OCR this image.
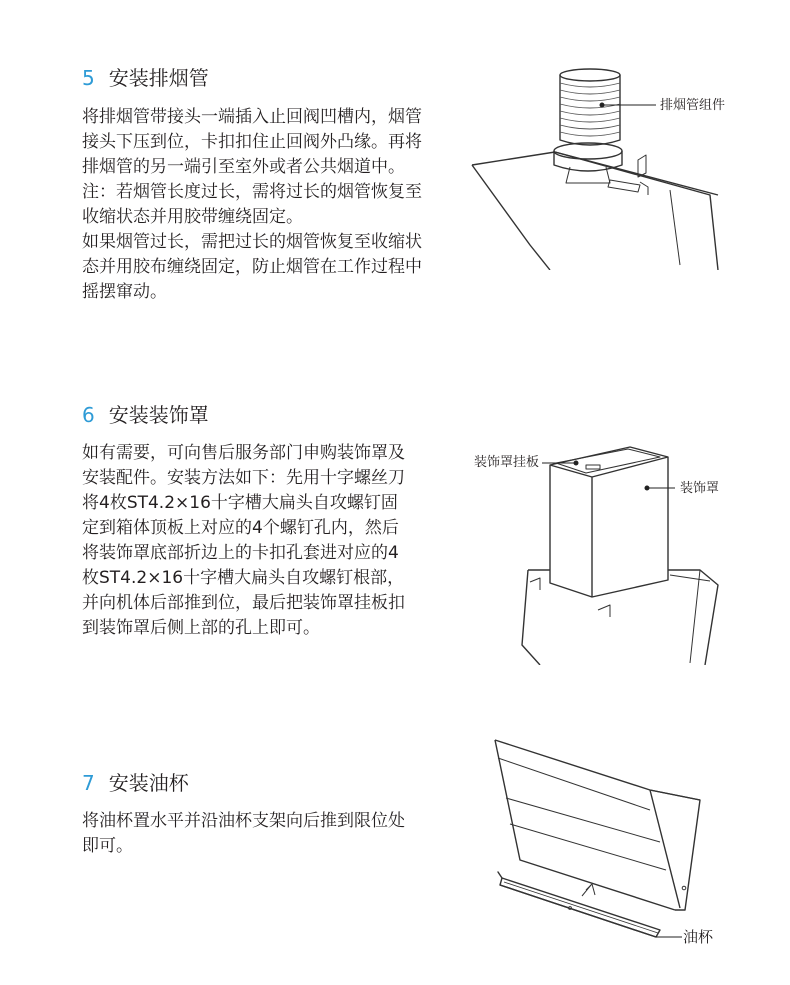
5 安装排烟管

将排烟管带接头一端插入止回阀凹槽内，烟管

接头下压到位，卡扣扣住止回阀外凸缘。再将

排烟管的另一端引至室外或者公共烟道中。

注：若烟管长度过长，需将过长的烟管恢复至

收缩状态并用胶带缠绕固定。

如果烟管过长，需把过长的烟管恢复至收缩状

态并用胶布缠绕固定，防止烟管在工作过程中

摇摆窜动。

排烟管组件
6 安装装饰罩

如有需要，可向售后服务部门申购装饰罩及

安装配件。安装方法如下：先用十字螺丝刀

将4枚ST4.2×16十字槽大扁头自攻螺钉固

定到箱体顶板上对应的4个螺钉孔内，然后

将装饰罩底部折边上的卡扣孔套进对应的4

枚ST4.2×16十字槽大扁头自攻螺钉根部，

并向机体后部推到位，最后把装饰罩挂板扣

到装饰罩后侧上部的孔上即可。

装饰罩挂板
装饰罩
7 安装油杯

将油杯置水平并沿油杯支架向后推到限位处

即可。

油杯
